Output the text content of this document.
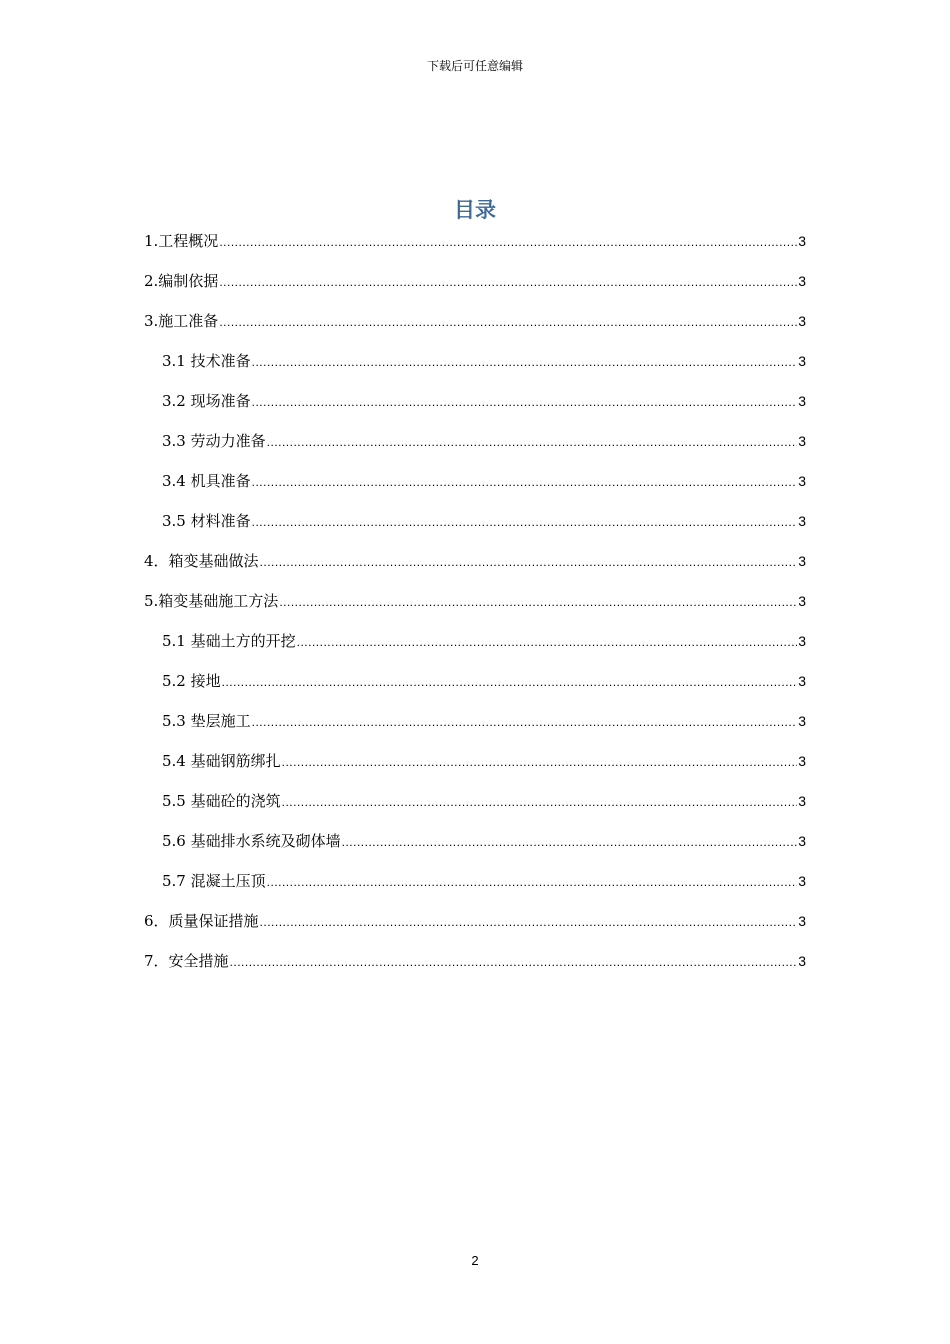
下载后可任意编辑
目录
1.工程概况 .....	3
2.编制依据 .....	3
3.施工准备 .....	3
3.1 技术准备 .....	3
3.2 现场准备 .....	3
3.3 劳动力准备 .....	3
3.4 机具准备 .....	3
3.5 材料准备 .....	3
4．箱变基础做法 .....	3
5.箱变基础施工方法 .....	3
5.1 基础土方的开挖 .....	3
5.2 接地 .....	3
5.3 垫层施工 .....	3
5.4 基础钢筋绑扎 .....	3
5.5 基础砼的浇筑 .....	3
5.6 基础排水系统及砌体墙 .....	3
5.7 混凝土压顶 .....	3
6．质量保证措施 .....	3
7．安全措施 .....	3
2
